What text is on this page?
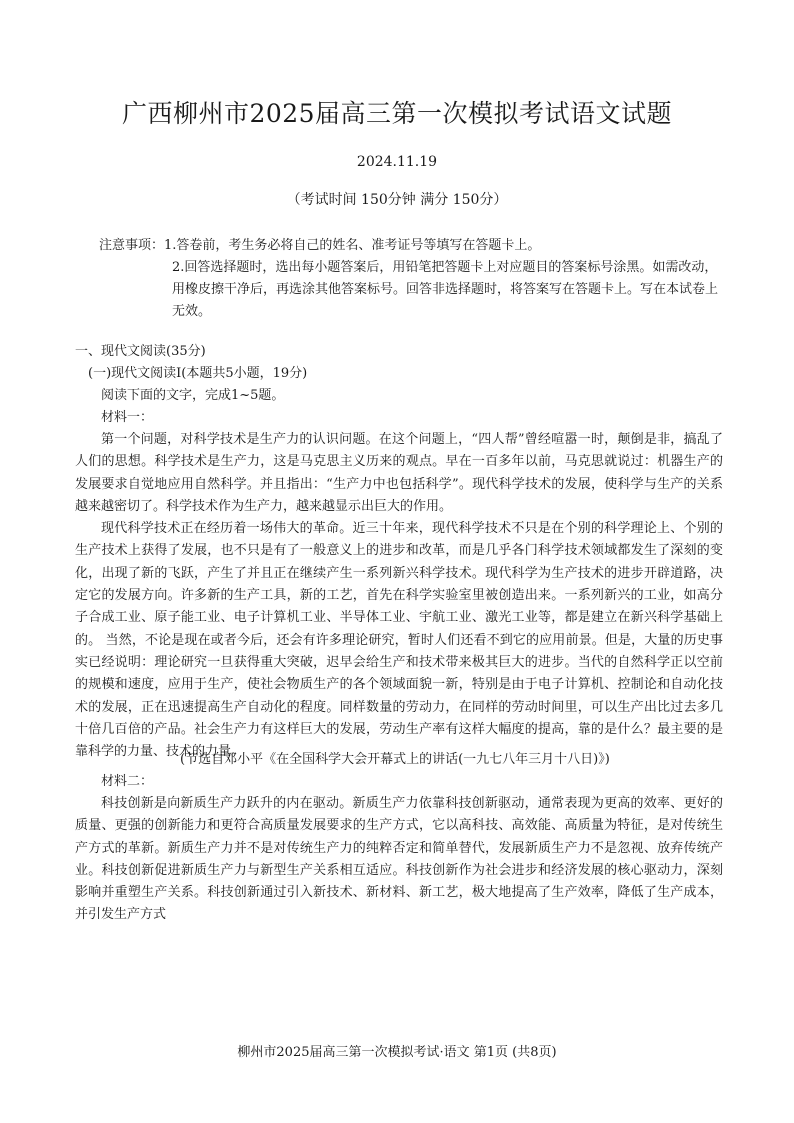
广西柳州市2025届高三第一次模拟考试语文试题
2024.11.19
（考试时间 150分钟 满分 150分）
注意事项： 1.答卷前，考生务必将自己的姓名、准考证号等填写在答题卡上。
2.回答选择题时，选出每小题答案后，用铅笔把答题卡上对应题目的答案标号涂黑。如需改动，用橡皮擦干净后，再选涂其他答案标号。回答非选择题时，将答案写在答题卡上。写在本试卷上无效。
一、现代文阅读(35分)
(一)现代文阅读Ⅰ(本题共5小题，19分)
阅读下面的文字，完成1~5题。
材料一：

第一个问题，对科学技术是生产力的认识问题。在这个问题上，“四人帮”曾经喧嚣一时，颠倒是非，搞乱了人们的思想。科学技术是生产力，这是马克思主义历来的观点。早在一百多年以前，马克思就说过：机器生产的发展要求自觉地应用自然科学。并且指出：“生产力中也包括科学”。现代科学技术的发展，使科学与生产的关系越来越密切了。科学技术作为生产力，越来越显示出巨大的作用。

现代科学技术正在经历着一场伟大的革命。近三十年来，现代科学技术不只是在个别的科学理论上、个别的生产技术上获得了发展，也不只是有了一般意义上的进步和改革，而是几乎各门科学技术领域都发生了深刻的变化，出现了新的飞跃，产生了并且正在继续产生一系列新兴科学技术。现代科学为生产技术的进步开辟道路，决定它的发展方向。许多新的生产工具，新的工艺，首先在科学实验室里被创造出来。一系列新兴的工业，如高分子合成工业、原子能工业、电子计算机工业、半导体工业、宇航工业、激光工业等，都是建立在新兴科学基础上的。 当然，不论是现在或者今后，还会有许多理论研究，暂时人们还看不到它的应用前景。但是，大量的历史事实已经说明：理论研究一旦获得重大突破，迟早会给生产和技术带来极其巨大的进步。当代的自然科学正以空前的规模和速度，应用于生产，使社会物质生产的各个领域面貌一新，特别是由于电子计算机、控制论和自动化技术的发展，正在迅速提高生产自动化的程度。同样数量的劳动力，在同样的劳动时间里，可以生产出比过去多几十倍几百倍的产品。社会生产力有这样巨大的发展，劳动生产率有这样大幅度的提高，靠的是什么？最主要的是靠科学的力量、技术的力量。

(节选自邓小平《在全国科学大会开幕式上的讲话(一九七八年三月十八日)》)
材料二：

科技创新是向新质生产力跃升的内在驱动。新质生产力依靠科技创新驱动，通常表现为更高的效率、更好的质量、更强的创新能力和更符合高质量发展要求的生产方式，它以高科技、高效能、高质量为特征，是对传统生产方式的革新。新质生产力并不是对传统生产力的纯粹否定和简单替代，发展新质生产力不是忽视、放弃传统产业。科技创新促进新质生产力与新型生产关系相互适应。科技创新作为社会进步和经济发展的核心驱动力，深刻影响并重塑生产关系。科技创新通过引入新技术、新材料、新工艺，极大地提高了生产效率，降低了生产成本，并引发生产方式

柳州市2025届高三第一次模拟考试·语文 第1页 (共8页)
